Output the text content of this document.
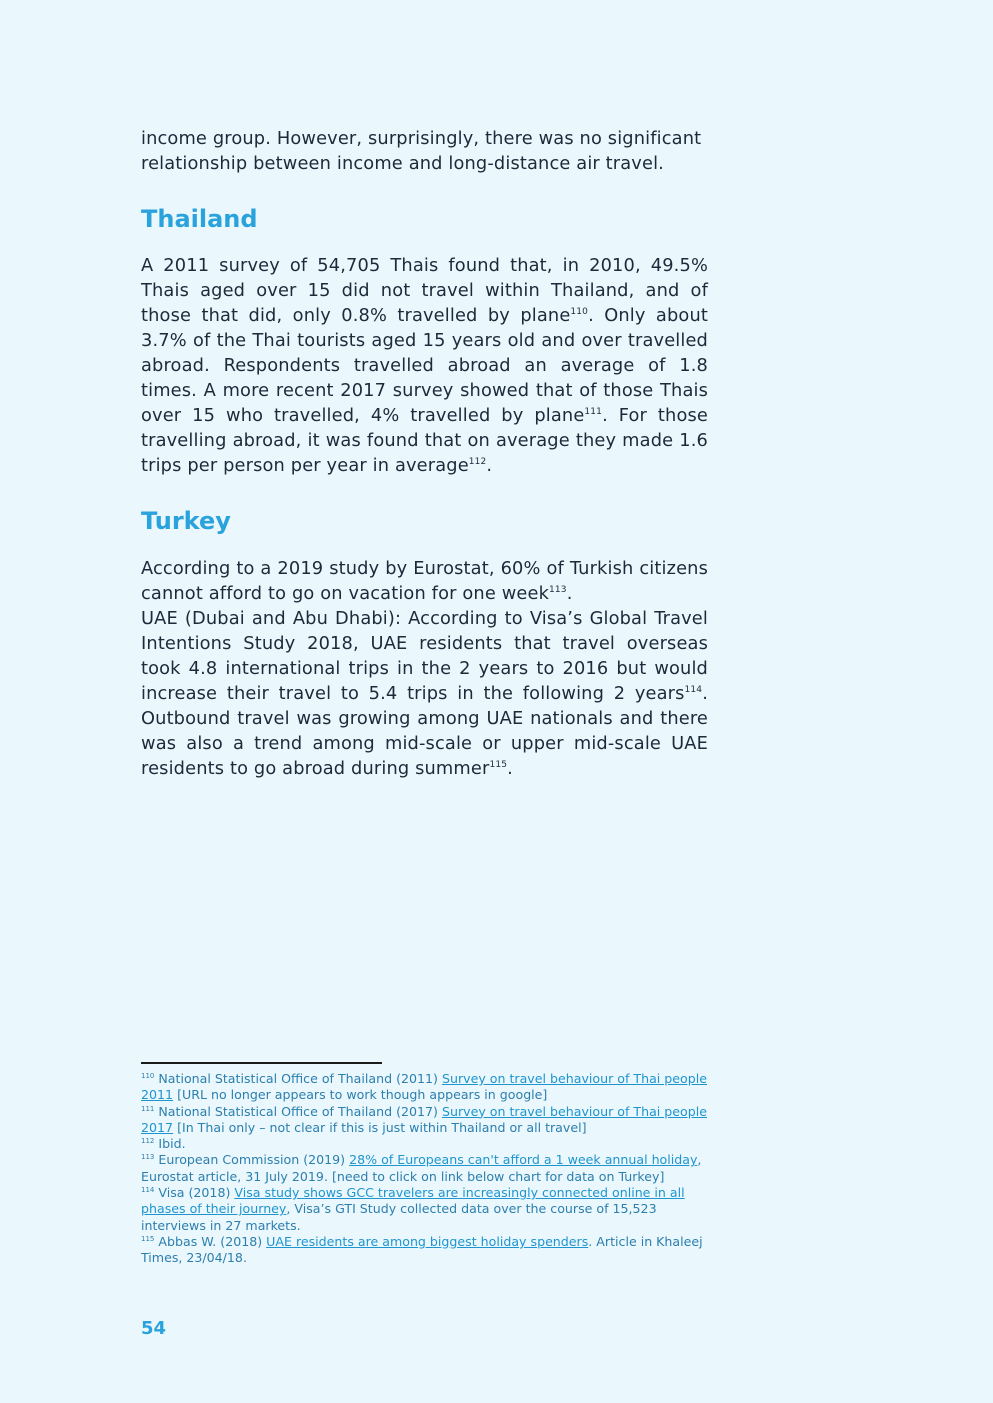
income group. However, surprisingly, there was no significant
relationship between income and long-distance air travel.

Thailand

A 2011 survey of 54,705 Thais found that, in 2010, 49.5% Thais aged over 15 did not travel within Thailand, and of those that did, only 0.8% travelled by plane$^{110}$. Only about 3.7% of the Thai tourists aged 15 years old and over travelled abroad. Respondents travelled abroad an average of 1.8 times. A more recent 2017 survey showed that of those Thais over 15 who travelled, 4% travelled by plane$^{111}$. For those travelling abroad, it was found that on average they made 1.6 trips per person per year in average$^{112}$.

Turkey

According to a 2019 study by Eurostat, 60% of Turkish citizens cannot afford to go on vacation for one week$^{113}$.

UAE (Dubai and Abu Dhabi): According to Visa’s Global Travel Intentions Study 2018, UAE residents that travel overseas took 4.8 international trips in the 2 years to 2016 but would increase their travel to 5.4 trips in the following 2 years$^{114}$. Outbound travel was growing among UAE nationals and there was also a trend among mid-scale or upper mid-scale UAE residents to go abroad during summer$^{115}$.

$^{110}$ National Statistical Office of Thailand (2011) Survey on travel behaviour of Thai people 2011 [URL no longer appears to work though appears in google]

$^{111}$ National Statistical Office of Thailand (2017) Survey on travel behaviour of Thai people 2017 [In Thai only – not clear if this is just within Thailand or all travel]

$^{112}$ Ibid.

$^{113}$ European Commission (2019) 28% of Europeans can't afford a 1 week annual holiday, Eurostat article, 31 July 2019. [need to click on link below chart for data on Turkey]

$^{114}$ Visa (2018) Visa study shows GCC travelers are increasingly connected online in all phases of their journey, Visa’s GTI Study collected data over the course of 15,523 interviews in 27 markets.

$^{115}$ Abbas W. (2018) UAE residents are among biggest holiday spenders. Article in Khaleej Times, 23/04/18.

54
